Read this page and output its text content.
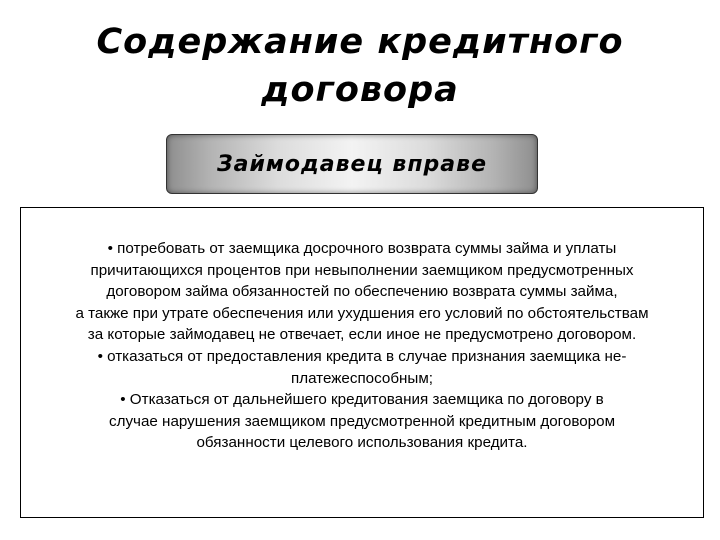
Содержание кредитного
договора
Займодавец вправе
• потребовать от заемщика досрочного возврата суммы займа и уплаты
причитающихся процентов при невыполнении заемщиком предусмотренных
договором займа обязанностей по обеспечению возврата суммы займа,
а также при утрате обеспечения или ухудшения его условий по обстоятельствам
за которые займодавец не отвечает, если иное не предусмотрено договором.
• отказаться от предоставления кредита в случае признания заемщика не-
платежеспособным;
• Отказаться от дальнейшего кредитования заемщика по договору в
случае нарушения заемщиком предусмотренной кредитным договором
обязанности целевого использования кредита.
